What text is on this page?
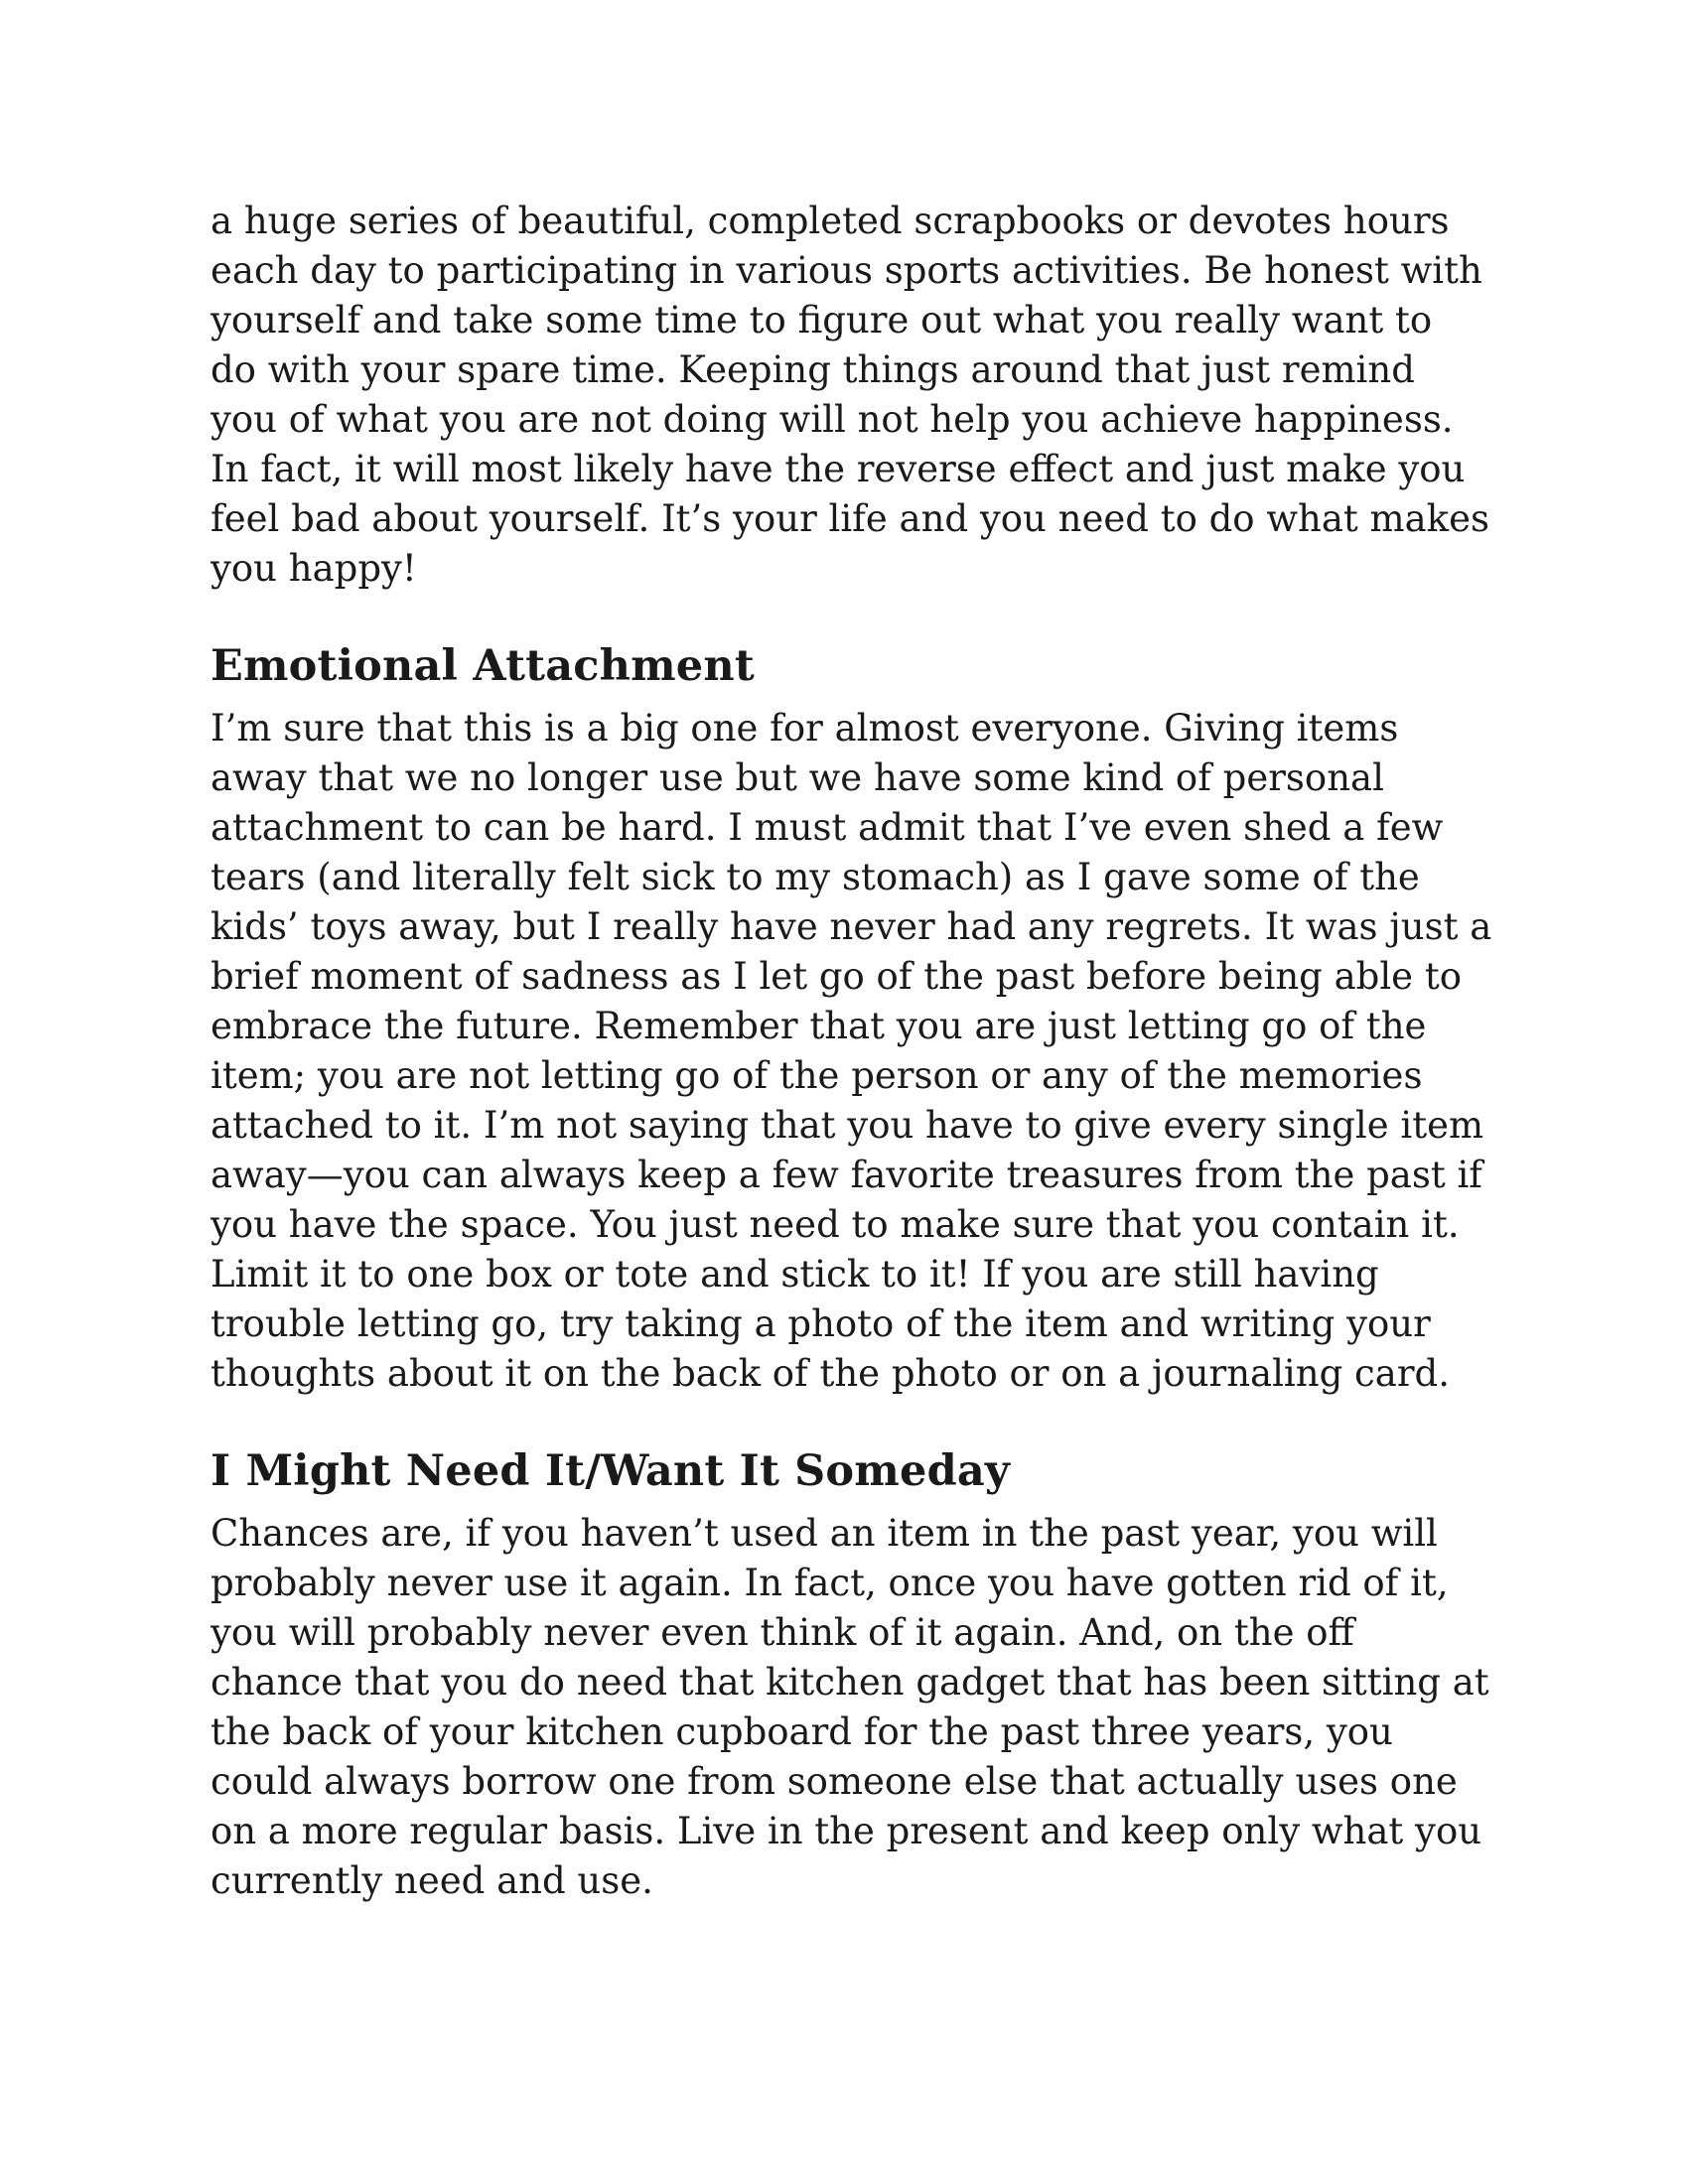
a huge series of beautiful, completed scrapbooks or devotes hours
each day to participating in various sports activities. Be honest with
yourself and take some time to figure out what you really want to
do with your spare time. Keeping things around that just remind
you of what you are not doing will not help you achieve happiness.
In fact, it will most likely have the reverse effect and just make you
feel bad about yourself. It’s your life and you need to do what makes
you happy!
Emotional Attachment
I’m sure that this is a big one for almost everyone. Giving items
away that we no longer use but we have some kind of personal
attachment to can be hard. I must admit that I’ve even shed a few
tears (and literally felt sick to my stomach) as I gave some of the
kids’ toys away, but I really have never had any regrets. It was just a
brief moment of sadness as I let go of the past before being able to
embrace the future. Remember that you are just letting go of the
item; you are not letting go of the person or any of the memories
attached to it. I’m not saying that you have to give every single item
away—you can always keep a few favorite treasures from the past if
you have the space. You just need to make sure that you contain it.
Limit it to one box or tote and stick to it! If you are still having
trouble letting go, try taking a photo of the item and writing your
thoughts about it on the back of the photo or on a journaling card.
I Might Need It/Want It Someday
Chances are, if you haven’t used an item in the past year, you will
probably never use it again. In fact, once you have gotten rid of it,
you will probably never even think of it again. And, on the off
chance that you do need that kitchen gadget that has been sitting at
the back of your kitchen cupboard for the past three years, you
could always borrow one from someone else that actually uses one
on a more regular basis. Live in the present and keep only what you
currently need and use.
